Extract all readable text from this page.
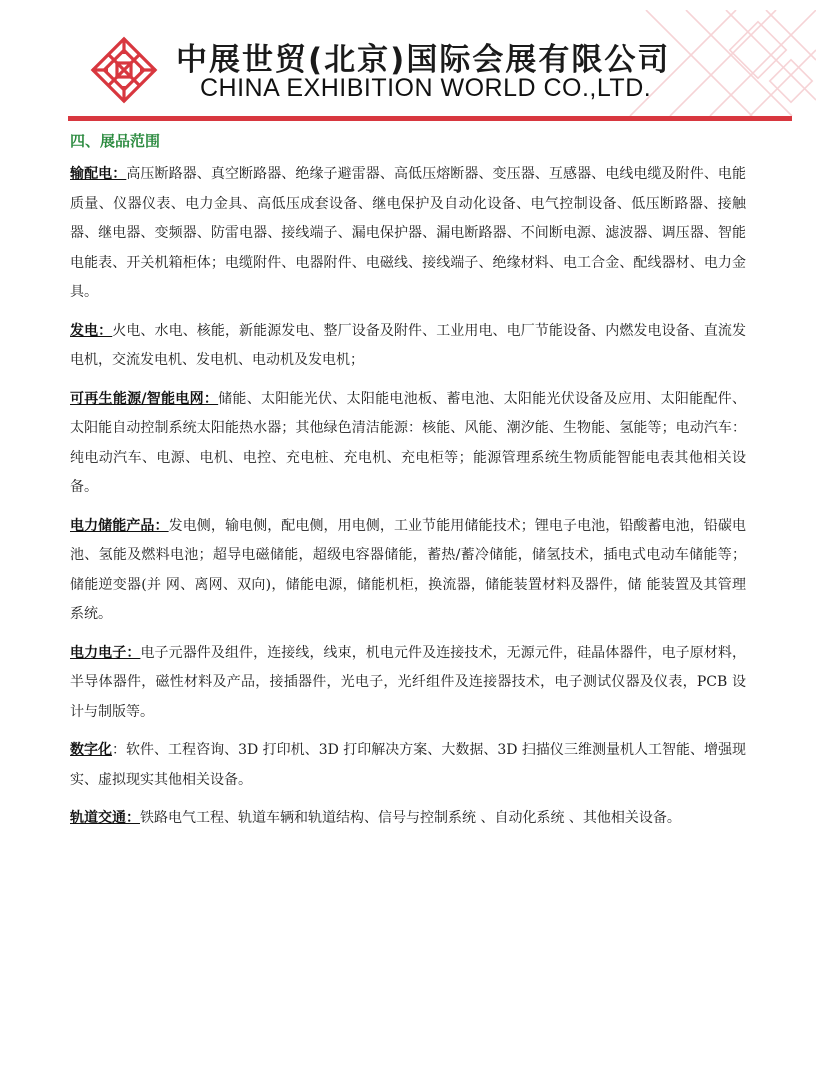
中展世贸(北京)国际会展有限公司
CHINA EXHIBITION WORLD CO.,LTD.
四、展品范围

输配电：高压断路器、真空断路器、绝缘子避雷器、高低压熔断器、变压器、互感器、电线电缆及附件、电能质量、仪器仪表、电力金具、高低压成套设备、继电保护及自动化设备、电气控制设备、低压断路器、接触器、继电器、变频器、防雷电器、接线端子、漏电保护器、漏电断路器、不间断电源、滤波器、调压器、智能电能表、开关机箱柜体；电缆附件、电器附件、电磁线、接线端子、绝缘材料、电工合金、配线器材、电力金具。

发电：火电、水电、核能，新能源发电、整厂设备及附件、工业用电、电厂节能设备、内燃发电设备、直流发电机，交流发电机、发电机、电动机及发电机；

可再生能源/智能电网：储能、太阳能光伏、太阳能电池板、蓄电池、太阳能光伏设备及应用、太阳能配件、太阳能自动控制系统太阳能热水器；其他绿色清洁能源：核能、风能、潮汐能、生物能、氢能等；电动汽车：纯电动汽车、电源、电机、电控、充电桩、充电机、充电柜等；能源管理系统生物质能智能电表其他相关设备。

电力储能产品：发电侧，输电侧，配电侧，用电侧，工业节能用储能技术；锂电子电池，铅酸蓄电池，铅碳电池、氢能及燃料电池；超导电磁储能，超级电容器储能，蓄热/蓄冷储能，储氢技术，插电式电动车储能等；储能逆变器(并 网、离网、双向)，储能电源，储能机柜，换流器，储能装置材料及器件，储 能装置及其管理系统。

电力电子：电子元器件及组件，连接线，线束，机电元件及连接技术，无源元件，硅晶体器件，电子原材料，半导体器件，磁性材料及产品，接插器件，光电子，光纤组件及连接器技术，电子测试仪器及仪表，PCB 设计与制版等。

数字化：软件、工程咨询、3D 打印机、3D 打印解决方案、大数据、3D 扫描仪三维测量机人工智能、增强现实、虚拟现实其他相关设备。

轨道交通：铁路电气工程、轨道车辆和轨道结构、信号与控制系统 、自动化系统 、其他相关设备。
